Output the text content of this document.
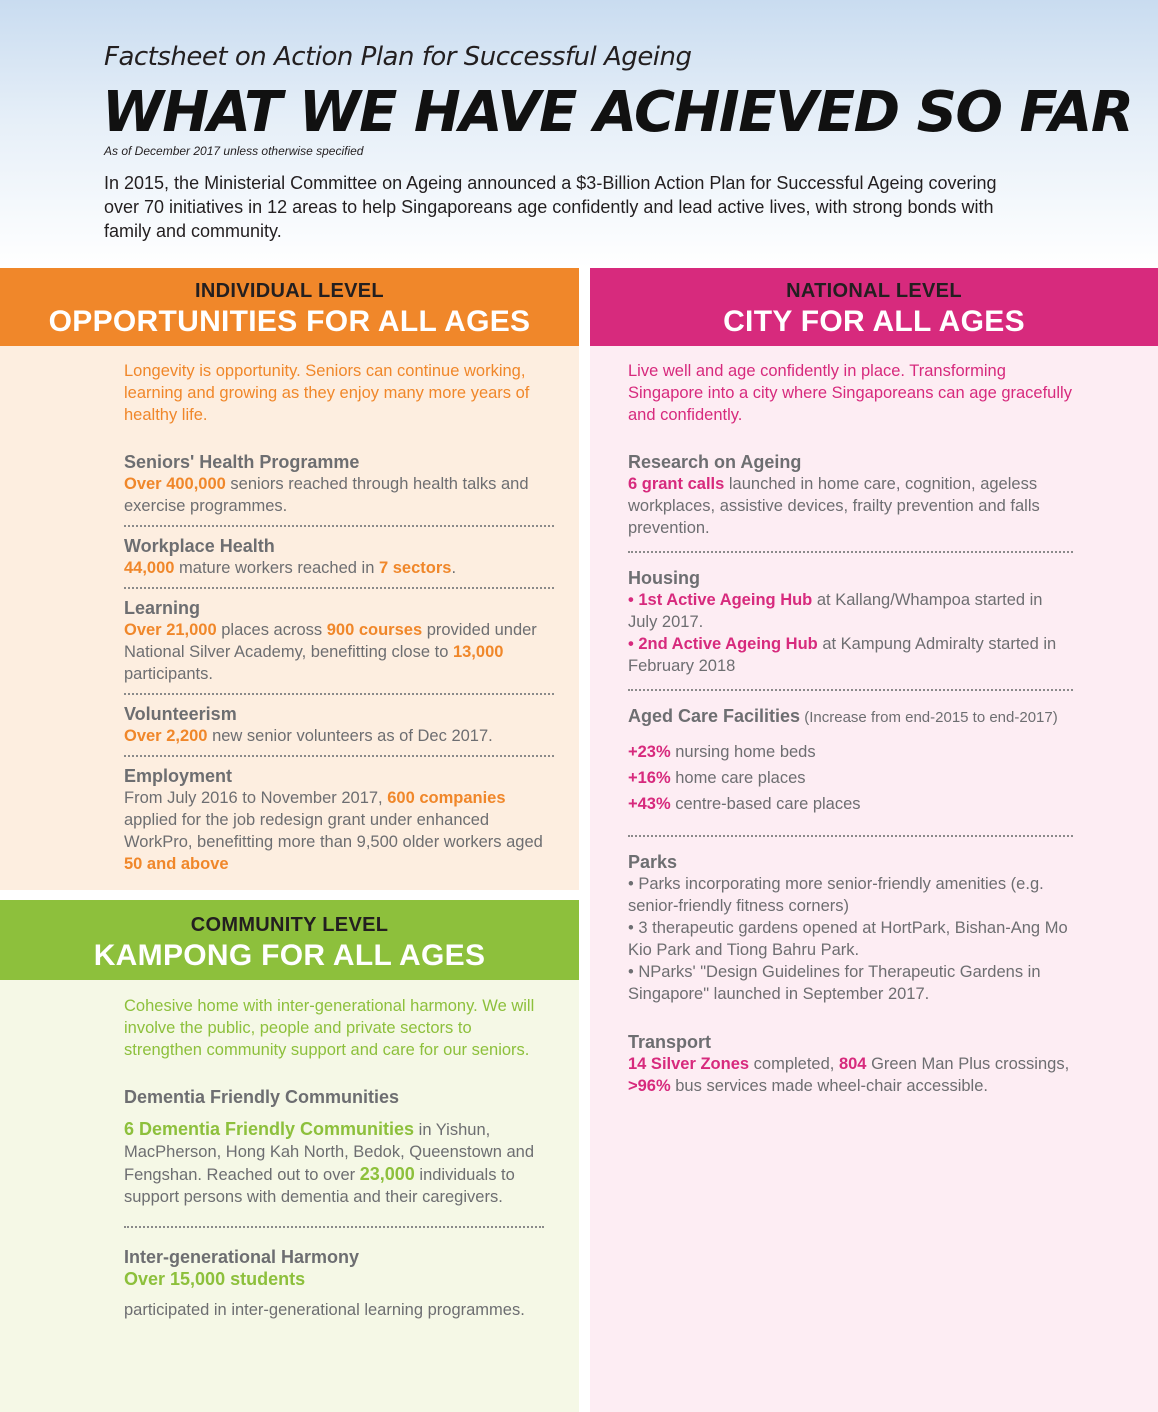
Factsheet on Action Plan for Successful Ageing
WHAT WE HAVE ACHIEVED SO FAR
As of December 2017 unless otherwise specified
In 2015, the Ministerial Committee on Ageing announced a $3-Billion Action Plan for Successful Ageing covering over 70 initiatives in 12 areas to help Singaporeans age confidently and lead active lives, with strong bonds with family and community.
INDIVIDUAL LEVEL
OPPORTUNITIES FOR ALL AGES
Longevity is opportunity. Seniors can continue working, learning and growing as they enjoy many more years of healthy life.
Seniors' Health Programme

Over 400,000 seniors reached through health talks and exercise programmes.

Workplace Health

44,000 mature workers reached in 7 sectors.

Learning

Over 21,000 places across 900 courses provided under National Silver Academy, benefitting close to 13,000 participants.

Volunteerism

Over 2,200 new senior volunteers as of Dec 2017.

Employment

From July 2016 to November 2017, 600 companies applied for the job redesign grant under enhanced WorkPro, benefitting more than 9,500 older workers aged 50 and above

COMMUNITY LEVEL
KAMPONG FOR ALL AGES
Cohesive home with inter-generational harmony. We will involve the public, people and private sectors to strengthen community support and care for our seniors.
Dementia Friendly Communities

6 Dementia Friendly Communities in Yishun, MacPherson, Hong Kah North, Bedok, Queenstown and Fengshan. Reached out to over 23,000 individuals to support persons with dementia and their caregivers.

Inter-generational Harmony

Over 15,000 students

participated in inter-generational learning programmes.

NATIONAL LEVEL
CITY FOR ALL AGES
Live well and age confidently in place. Transforming Singapore into a city where Singaporeans can age gracefully and confidently.
Research on Ageing

6 grant calls launched in home care, cognition, ageless workplaces, assistive devices, frailty prevention and falls prevention.

Housing

• 1st Active Ageing Hub at Kallang/Whampoa started in July 2017.

• 2nd Active Ageing Hub at Kampung Admiralty started in February 2018

Aged Care Facilities (Increase from end-2015 to end-2017)

+23% nursing home beds

+16% home care places

+43% centre-based care places

Parks

• Parks incorporating more senior-friendly amenities (e.g. senior-friendly fitness corners)

• 3 therapeutic gardens opened at HortPark, Bishan-Ang Mo Kio Park and Tiong Bahru Park.

• NParks' "Design Guidelines for Therapeutic Gardens in Singapore" launched in September 2017.

Transport

14 Silver Zones completed, 804 Green Man Plus crossings, >96% bus services made wheel-chair accessible.
